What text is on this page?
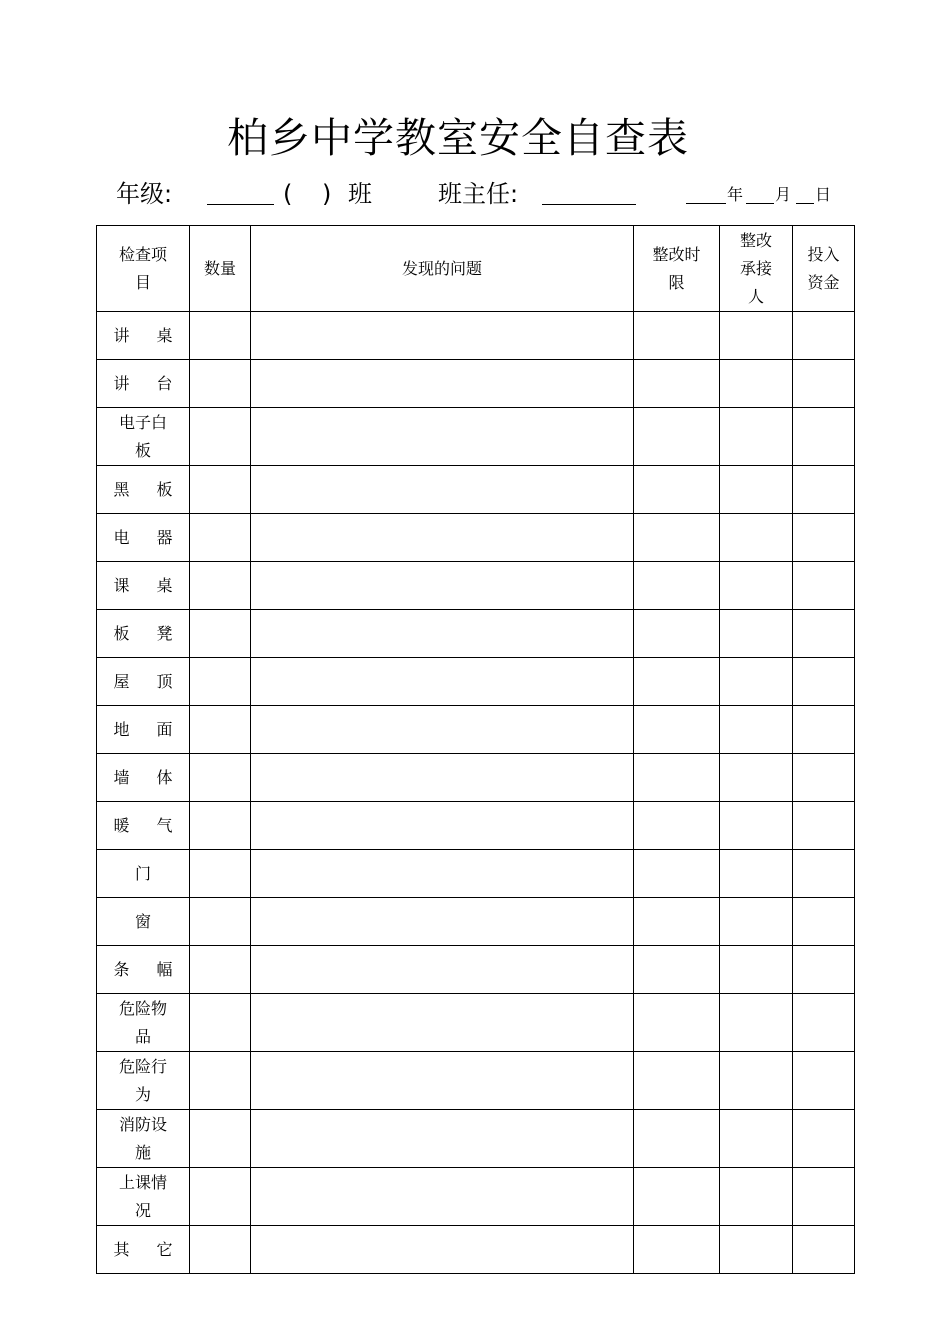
柏乡中学教室安全自查表
年级:	( ) 班	班主任:	年 月 日
检查项目	数量	发现的问题	整改时限	整改承接人	投入资金
讲 桌					
讲 台					
电子白板					
黑 板					
电 器					
课 桌					
板 凳					
屋 顶					
地 面					
墙 体					
暖 气					
门					
窗					
条 幅					
危险物品					
危险行为					
消防设施					
上课情况					
其 它					
